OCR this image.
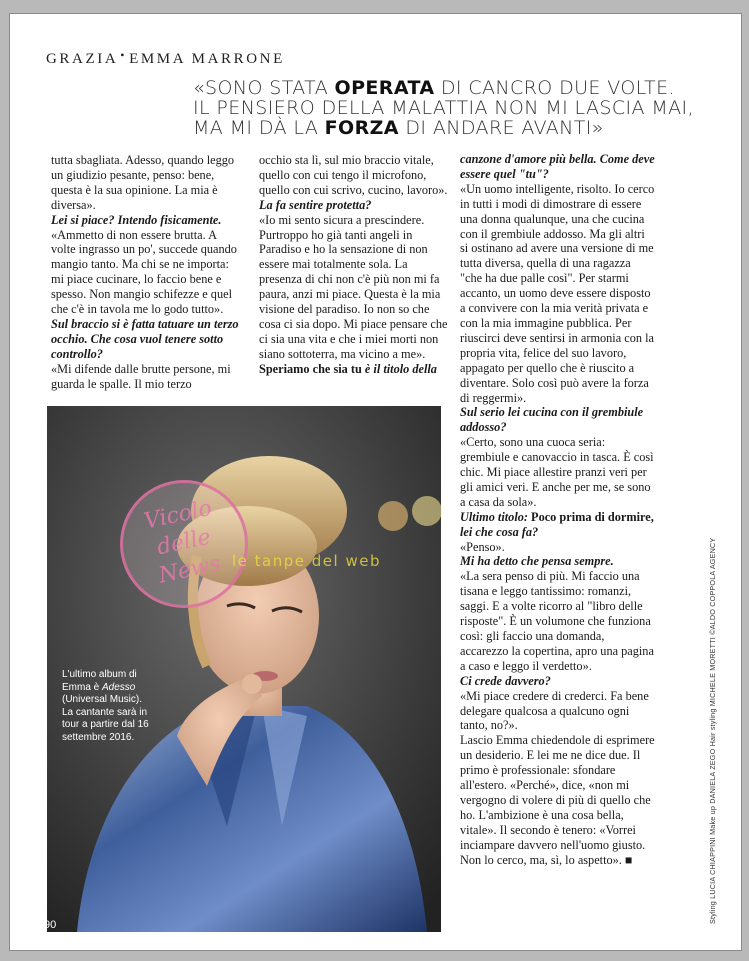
GRAZIA • EMMA MARRONE
«SONO STATA OPERATA DI CANCRO DUE VOLTE.
IL PENSIERO DELLA MALATTIA NON MI LASCIA MAI,
MA MI DÀ LA FORZA DI ANDARE AVANTI»
tutta sbagliata. Adesso, quando leggo un giudizio pesante, penso: bene, questa è la sua opinione. La mia è diversa».
Lei si piace? Intendo fisicamente.
«Ammetto di non essere brutta. A volte ingrasso un po', succede quando mangio tanto. Ma chi se ne importa: mi piace cucinare, lo faccio bene e spesso. Non mangio schifezze e quel che c'è in tavola me lo godo tutto».
Sul braccio si è fatta tatuare un terzo occhio. Che cosa vuol tenere sotto controllo?
«Mi difende dalle brutte persone, mi guarda le spalle. Il mio terzo
occhio sta lì, sul mio braccio vitale, quello con cui tengo il microfono, quello con cui scrivo, cucino, lavoro».
La fa sentire protetta?
«Io mi sento sicura a prescindere. Purtroppo ho già tanti angeli in Paradiso e ho la sensazione di non essere mai totalmente sola. La presenza di chi non c'è più non mi fa paura, anzi mi piace. Questa è la mia visione del paradiso. Io non so che cosa ci sia dopo. Mi piace pensare che ci sia una vita e che i miei morti non siano sottoterra, ma vicino a me».
Speriamo che sia tu è il titolo della
canzone d'amore più bella. Come deve essere quel "tu"?
«Un uomo intelligente, risolto. Io cerco in tutti i modi di dimostrare di essere una donna qualunque, una che cucina con il grembiule addosso. Ma gli altri si ostinano ad avere una versione di me tutta diversa, quella di una ragazza "che ha due palle così". Per starmi accanto, un uomo deve essere disposto a convivere con la mia verità privata e con la mia immagine pubblica. Per riuscirci deve sentirsi in armonia con la propria vita, felice del suo lavoro, appagato per quello che è riuscito a diventare. Solo così può avere la forza di reggermi».
Sul serio lei cucina con il grembiule addosso?
«Certo, sono una cuoca seria: grembiule e canovaccio in tasca. È così chic. Mi piace allestire pranzi veri per gli amici veri. E anche per me, se sono a casa da sola».
Ultimo titolo: Poco prima di dormire, lei che cosa fa?
«Penso».
Mi ha detto che pensa sempre.
«La sera penso di più. Mi faccio una tisana e leggo tantissimo: romanzi, saggi. E a volte ricorro al "libro delle risposte". È un volumone che funziona così: gli faccio una domanda, accarezzo la copertina, apro una pagina a caso e leggo il verdetto».
Ci crede davvero?
«Mi piace credere di crederci. Fa bene delegare qualcosa a qualcuno ogni tanto, no?».
Lascio Emma chiedendole di esprimere un desiderio. E lei me ne dice due. Il primo è professionale: sfondare all'estero. «Perché», dice, «non mi vergogno di volere di più di quello che ho. L'ambizione è una cosa bella, vitale». Il secondo è tenero: «Vorrei inciampare davvero nell'uomo giusto. Non lo cerco, ma, sì, lo aspetto». ■
Vicolo delle News le tanpe del web
L'ultimo album di Emma è Adesso (Universal Music). La cantante sarà in tour a partire dal 16 settembre 2016.
90
Styling LUCIA CHIAPPINI Make up DANIELA ZEGO Hair styling MICHELE MORETTI ©ALDO COPPOLA AGENCY
